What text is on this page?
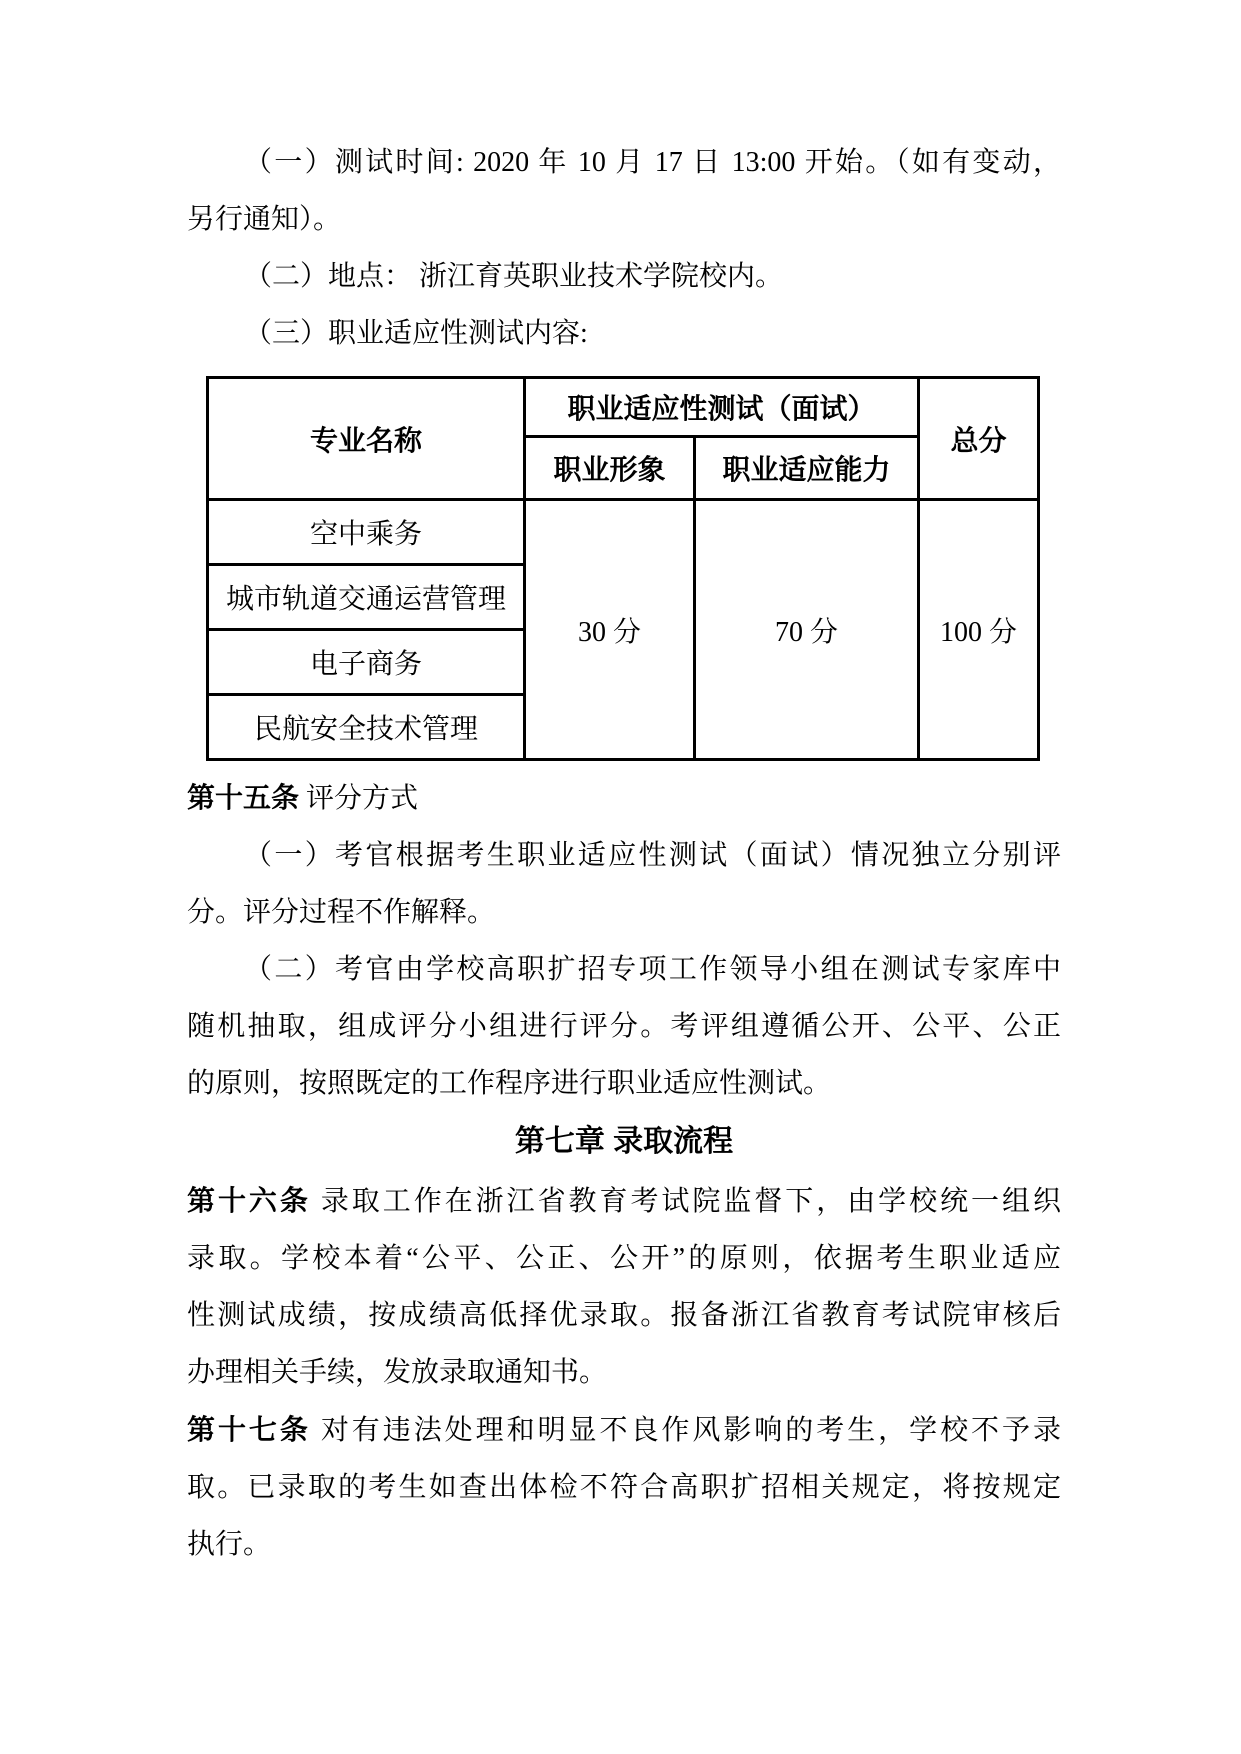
（一）测试时间: 2020 年 10 月 17 日 13:00 开始。（如有变动，

另行通知）。

（二）地点： 浙江育英职业技术学院校内。

（三）职业适应性测试内容:

专业名称	职业适应性测试（面试）		总分
	职业形象	职业适应能力	
空中乘务	30 分	70 分	100 分
城市轨道交通运营管理			
电子商务			
民航安全技术管理			

第十五条 评分方式

（一）考官根据考生职业适应性测试（面试）情况独立分别评

分。评分过程不作解释。

（二）考官由学校高职扩招专项工作领导小组在测试专家库中

随机抽取，组成评分小组进行评分。考评组遵循公开、公平、公正

的原则，按照既定的工作程序进行职业适应性测试。

第七章 录取流程

第十六条 录取工作在浙江省教育考试院监督下，由学校统一组织

录取。学校本着“公平、公正、公开”的原则，依据考生职业适应

性测试成绩，按成绩高低择优录取。报备浙江省教育考试院审核后

办理相关手续，发放录取通知书。

第十七条 对有违法处理和明显不良作风影响的考生，学校不予录

取。已录取的考生如查出体检不符合高职扩招相关规定，将按规定

执行。
